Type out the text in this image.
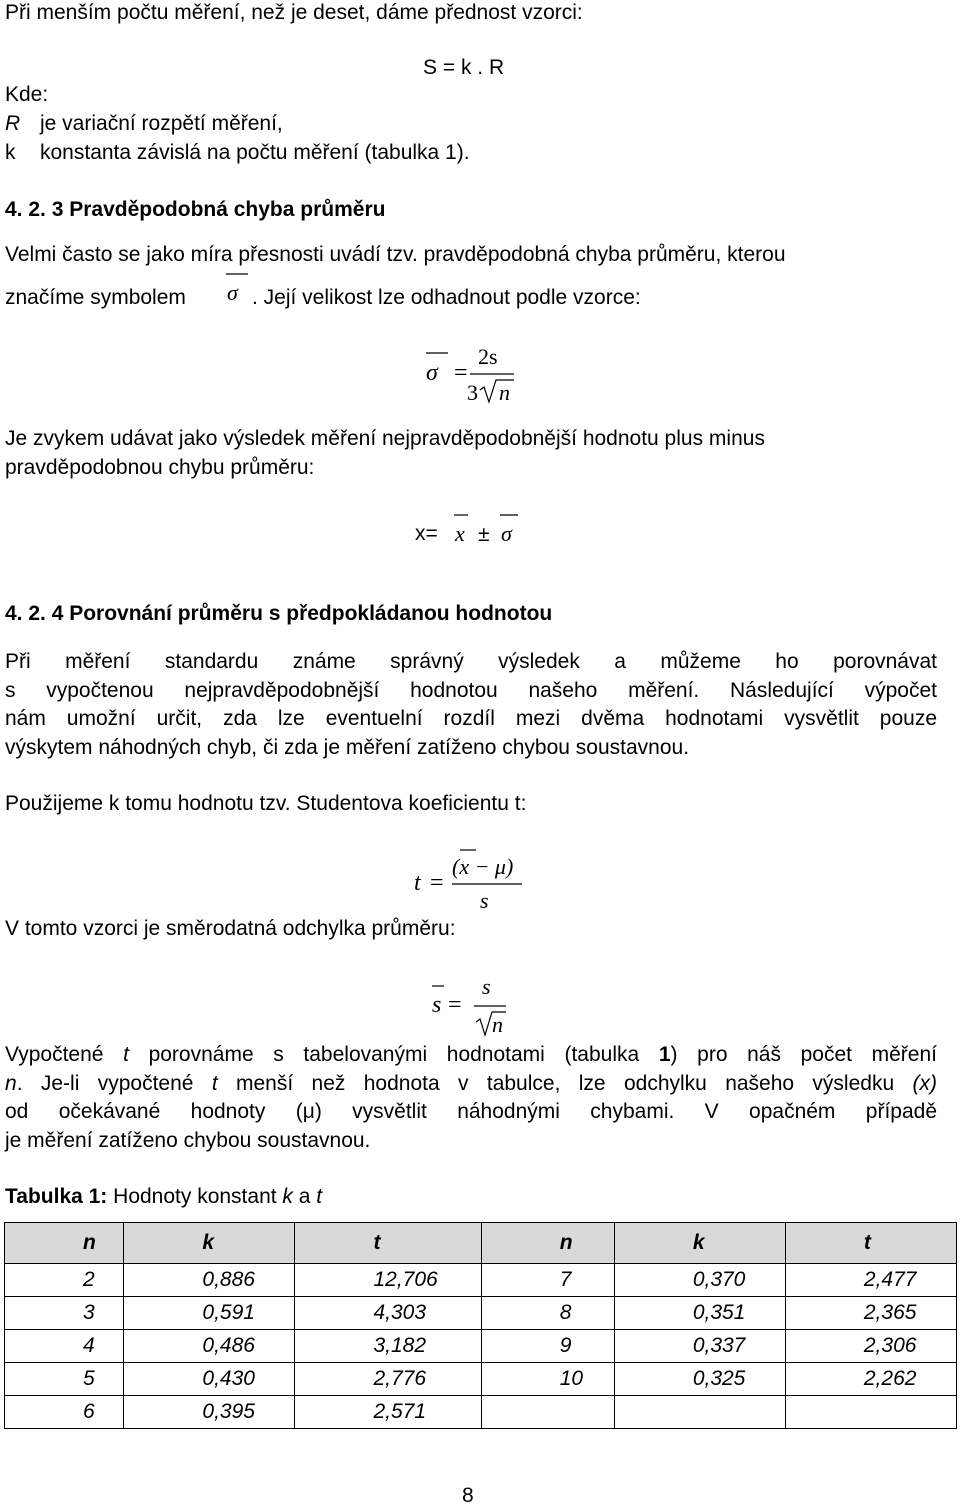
Při menším počtu měření, než je deset, dáme přednost vzorci:
S = k . R
Kde:
R je variační rozpětí měření,
k konstanta závislá na počtu měření (tabulka 1).
4. 2. 3 Pravděpodobná chyba průměru
Velmi často se jako míra přesnosti uvádí tzv. pravděpodobná chyba průměru, kterou
značíme symbolem σ . Její velikost lze odhadnout podle vzorce:
σ =
2s
3 n
Je zvykem udávat jako výsledek měření nejpravděpodobnější hodnotu plus minus
pravděpodobnou chybu průměru:
x= x ± σ
4. 2. 4 Porovnání průměru s předpokládanou hodnotou
Při měření standardu známe správný výsledek a můžeme ho porovnávat
s vypočtenou nejpravděpodobnější hodnotou našeho měření. Následující výpočet
nám umožní určit, zda lze eventuelní rozdíl mezi dvěma hodnotami vysvětlit pouze
výskytem náhodných chyb, či zda je měření zatíženo chybou soustavnou.
Použijeme k tomu hodnotu tzv. Studentova koeficientu t:
t =
(x − μ)
s
V tomto vzorci je směrodatná odchylka průměru:
s =
s
n
Vypočtené t porovnáme s tabelovanými hodnotami (tabulka 1) pro náš počet měření
n. Je-li vypočtené t menší než hodnota v tabulce, lze odchylku našeho výsledku (x)
od očekávané hodnoty (μ) vysvětlit náhodnými chybami. V opačném případě
je měření zatíženo chybou soustavnou.
Tabulka 1: Hodnoty konstant k a t
n	k	t	n	k	t
2	0,886	12,706	7	0,370	2,477
3	0,591	4,303	8	0,351	2,365
4	0,486	3,182	9	0,337	2,306
5	0,430	2,776	10	0,325	2,262
6	0,395	2,571			
8
